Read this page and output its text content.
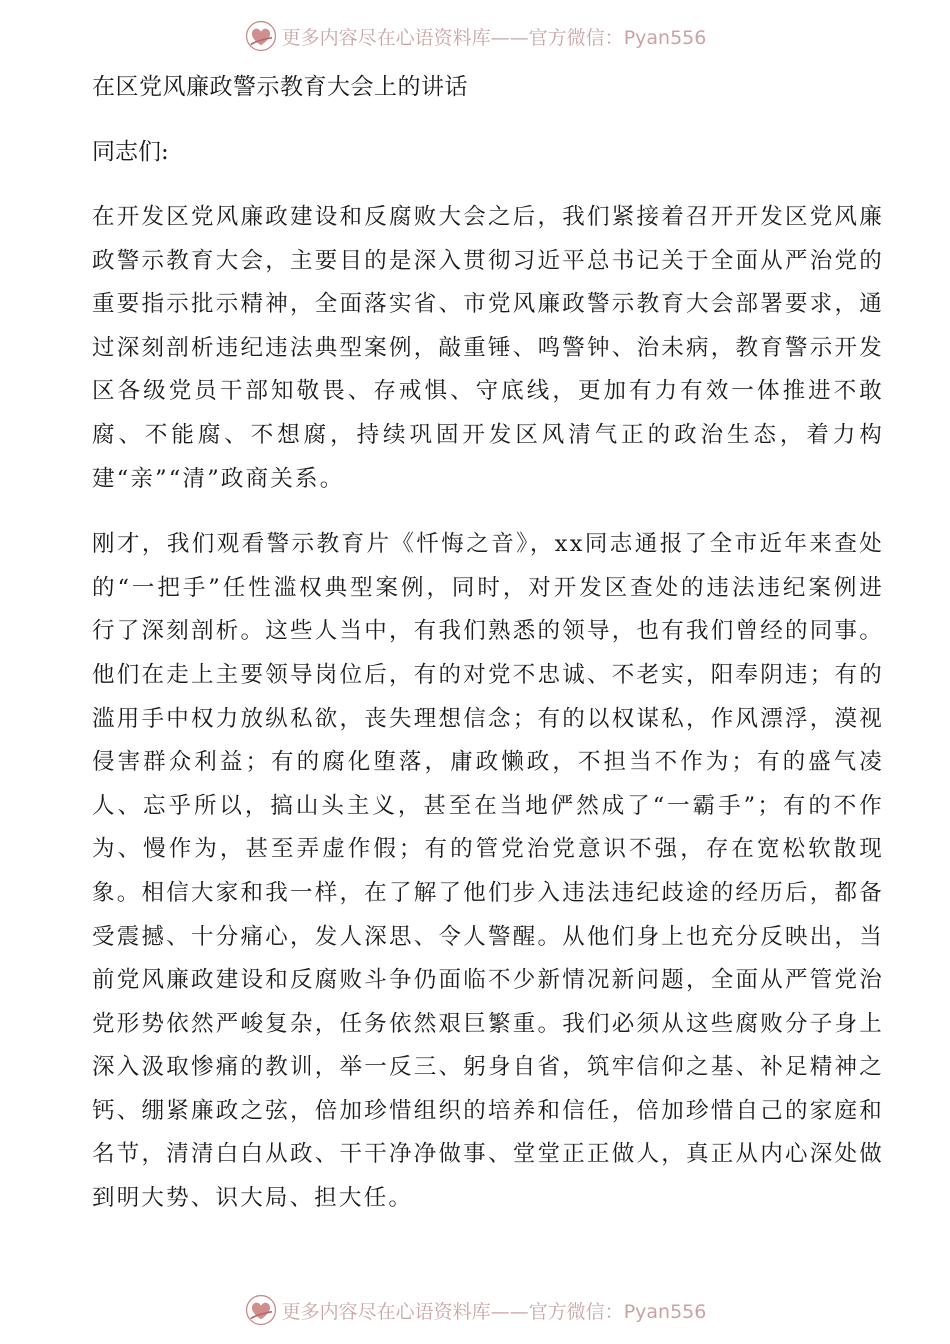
更多内容尽在心语资料库——官方微信：Pyan556

在区党风廉政警示教育大会上的讲话

同志们:

在开发区党风廉政建设和反腐败大会之后，我们紧接着召开开发区党风廉政警示教育大会，主要目的是深入贯彻习近平总书记关于全面从严治党的重要指示批示精神，全面落实省、市党风廉政警示教育大会部署要求，通过深刻剖析违纪违法典型案例，敲重锤、鸣警钟、治未病，教育警示开发区各级党员干部知敬畏、存戒惧、守底线，更加有力有效一体推进不敢腐、不能腐、不想腐，持续巩固开发区风清气正的政治生态，着力构建“亲”“清”政商关系。

刚才，我们观看警示教育片《忏悔之音》，xx同志通报了全市近年来查处的“一把手”任性滥权典型案例，同时，对开发区查处的违法违纪案例进行了深刻剖析。这些人当中，有我们熟悉的领导，也有我们曾经的同事。他们在走上主要领导岗位后，有的对党不忠诚、不老实，阳奉阴违；有的滥用手中权力放纵私欲，丧失理想信念；有的以权谋私，作风漂浮，漠视侵害群众利益；有的腐化堕落，庸政懒政，不担当不作为；有的盛气凌人、忘乎所以，搞山头主义，甚至在当地俨然成了“一霸手”；有的不作为、慢作为，甚至弄虚作假；有的管党治党意识不强，存在宽松软散现象。相信大家和我一样，在了解了他们步入违法违纪歧途的经历后，都备受震撼、十分痛心，发人深思、令人警醒。从他们身上也充分反映出，当前党风廉政建设和反腐败斗争仍面临不少新情况新问题，全面从严管党治党形势依然严峻复杂，任务依然艰巨繁重。我们必须从这些腐败分子身上深入汲取惨痛的教训，举一反三、躬身自省，筑牢信仰之基、补足精神之钙、绷紧廉政之弦，倍加珍惜组织的培养和信任，倍加珍惜自己的家庭和名节，清清白白从政、干干净净做事、堂堂正正做人，真正从内心深处做到明大势、识大局、担大任。

更多内容尽在心语资料库——官方微信：Pyan556
